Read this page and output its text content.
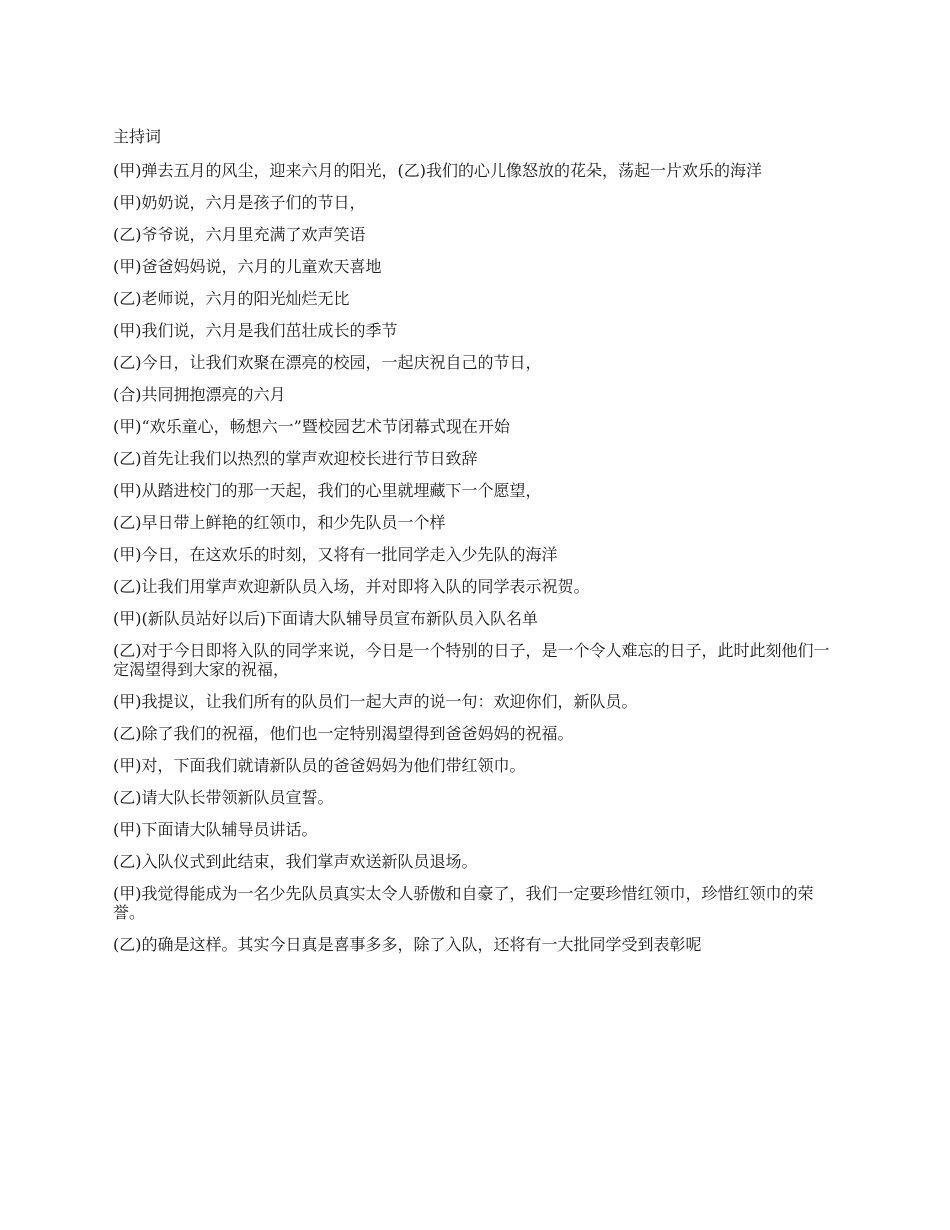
主持词

(甲)弹去五月的风尘，迎来六月的阳光，(乙)我们的心儿像怒放的花朵，荡起一片欢乐的海洋

(甲)奶奶说，六月是孩子们的节日，

(乙)爷爷说，六月里充满了欢声笑语

(甲)爸爸妈妈说，六月的儿童欢天喜地

(乙)老师说，六月的阳光灿烂无比

(甲)我们说，六月是我们茁壮成长的季节

(乙)今日，让我们欢聚在漂亮的校园，一起庆祝自己的节日，

(合)共同拥抱漂亮的六月

(甲)“欢乐童心，畅想六一”暨校园艺术节闭幕式现在开始

(乙)首先让我们以热烈的掌声欢迎校长进行节日致辞

(甲)从踏进校门的那一天起，我们的心里就埋藏下一个愿望，

(乙)早日带上鲜艳的红领巾，和少先队员一个样

(甲)今日，在这欢乐的时刻，又将有一批同学走入少先队的海洋

(乙)让我们用掌声欢迎新队员入场，并对即将入队的同学表示祝贺。

(甲)(新队员站好以后)下面请大队辅导员宣布新队员入队名单

(乙)对于今日即将入队的同学来说，今日是一个特别的日子，是一个令人难忘的日子，此时此刻他们一定渴望得到大家的祝福，

(甲)我提议，让我们所有的队员们一起大声的说一句：欢迎你们，新队员。

(乙)除了我们的祝福，他们也一定特别渴望得到爸爸妈妈的祝福。

(甲)对，下面我们就请新队员的爸爸妈妈为他们带红领巾。

(乙)请大队长带领新队员宣誓。

(甲)下面请大队辅导员讲话。

(乙)入队仪式到此结束，我们掌声欢送新队员退场。

(甲)我觉得能成为一名少先队员真实太令人骄傲和自豪了，我们一定要珍惜红领巾，珍惜红领巾的荣誉。

(乙)的确是这样。其实今日真是喜事多多，除了入队，还将有一大批同学受到表彰呢
